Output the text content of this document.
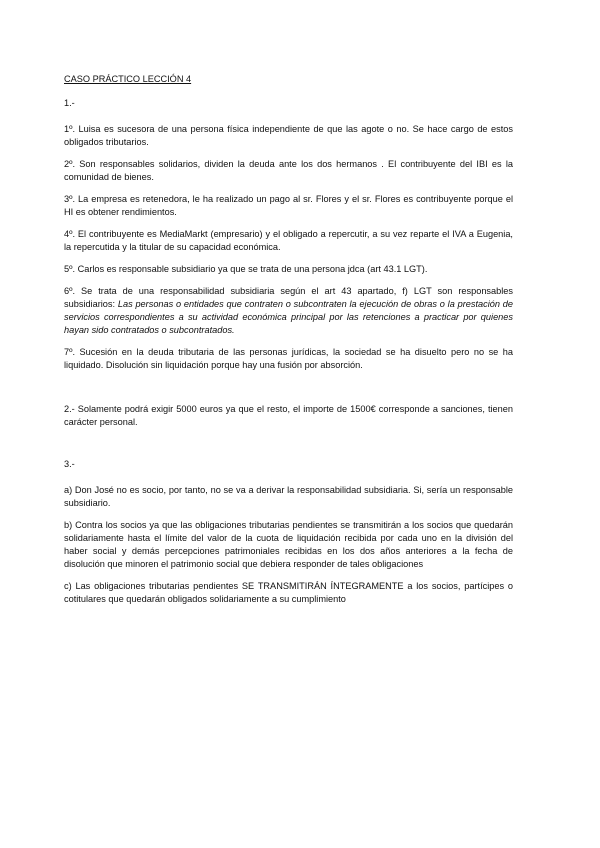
CASO PRÁCTICO LECCIÓN 4

1.-

1º. Luisa es sucesora de una persona física independiente de que las agote o no. Se hace cargo de estos obligados tributarios.

2º. Son responsables solidarios, dividen la deuda ante los dos hermanos . El contribuyente del IBI es la comunidad de bienes.

3º. La empresa es retenedora, le ha realizado un pago al sr. Flores y el sr. Flores es contribuyente porque el HI es obtener rendimientos.

4º. El contribuyente es MediaMarkt (empresario) y el obligado a repercutir, a su vez reparte el IVA a Eugenia, la repercutida y la titular de su capacidad económica.

5º. Carlos es responsable subsidiario ya que se trata de una persona jdca (art 43.1 LGT).

6º. Se trata de una responsabilidad subsidiaria según el art 43 apartado, f) LGT son responsables subsidiarios: Las personas o entidades que contraten o subcontraten la ejecución de obras o la prestación de servicios correspondientes a su actividad económica principal por las retenciones a practicar por quienes hayan sido contratados o subcontratados.

7º. Sucesión en la deuda tributaria de las personas jurídicas, la sociedad se ha disuelto pero no se ha liquidado. Disolución sin liquidación porque hay una fusión por absorción.

2.- Solamente podrá exigir 5000 euros ya que el resto, el importe de 1500€ corresponde a sanciones, tienen carácter personal.

3.-

a) Don José no es socio, por tanto, no se va a derivar la responsabilidad subsidiaria. Si, sería un responsable subsidiario.

b) Contra los socios ya que las obligaciones tributarias pendientes se transmitirán a los socios que quedarán solidariamente hasta el límite del valor de la cuota de liquidación recibida por cada uno en la división del haber social y demás percepciones patrimoniales recibidas en los dos años anteriores a la fecha de disolución que minoren el patrimonio social que debiera responder de tales obligaciones

c) Las obligaciones tributarias pendientes SE TRANSMITIRÁN ÍNTEGRAMENTE a los socios, partícipes o cotitulares que quedarán obligados solidariamente a su cumplimiento
